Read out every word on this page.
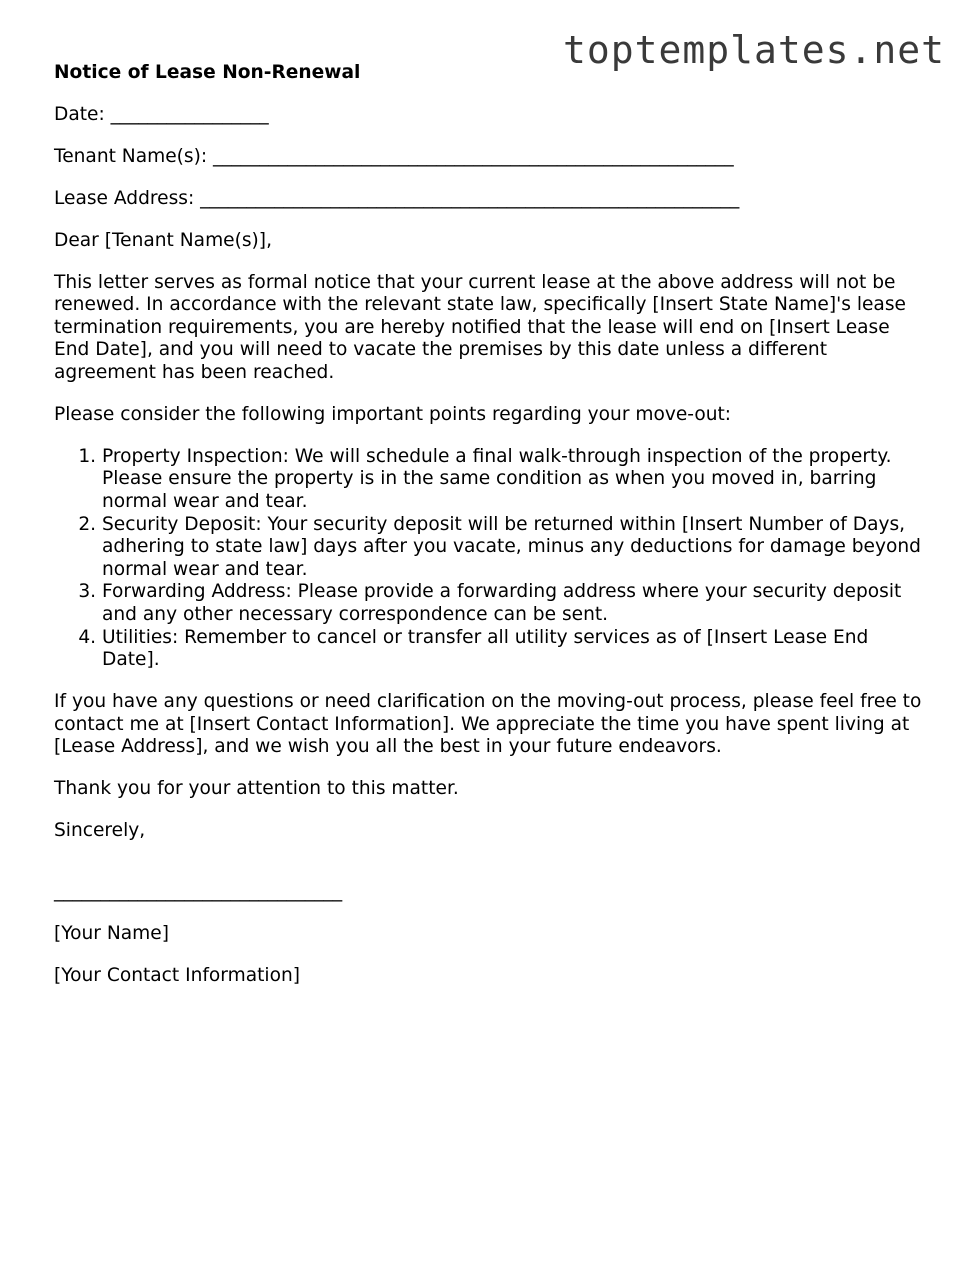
toptemplates.net
Notice of Lease Non-Renewal
Date: _________________
Tenant Name(s): ________________________________________________________
Lease Address: __________________________________________________________
Dear [Tenant Name(s)],
This letter serves as formal notice that your current lease at the above address will not be renewed. In accordance with the relevant state law, specifically [Insert State Name]'s lease termination requirements, you are hereby notified that the lease will end on [Insert Lease End Date], and you will need to vacate the premises by this date unless a different agreement has been reached.
Please consider the following important points regarding your move-out:
1. Property Inspection: We will schedule a final walk-through inspection of the property. Please ensure the property is in the same condition as when you moved in, barring normal wear and tear.
2. Security Deposit: Your security deposit will be returned within [Insert Number of Days, adhering to state law] days after you vacate, minus any deductions for damage beyond normal wear and tear.
3. Forwarding Address: Please provide a forwarding address where your security deposit and any other necessary correspondence can be sent.
4. Utilities: Remember to cancel or transfer all utility services as of [Insert Lease End Date].
If you have any questions or need clarification on the moving-out process, please feel free to contact me at [Insert Contact Information]. We appreciate the time you have spent living at [Lease Address], and we wish you all the best in your future endeavors.
Thank you for your attention to this matter.
Sincerely,
_______________________________
[Your Name]
[Your Contact Information]
